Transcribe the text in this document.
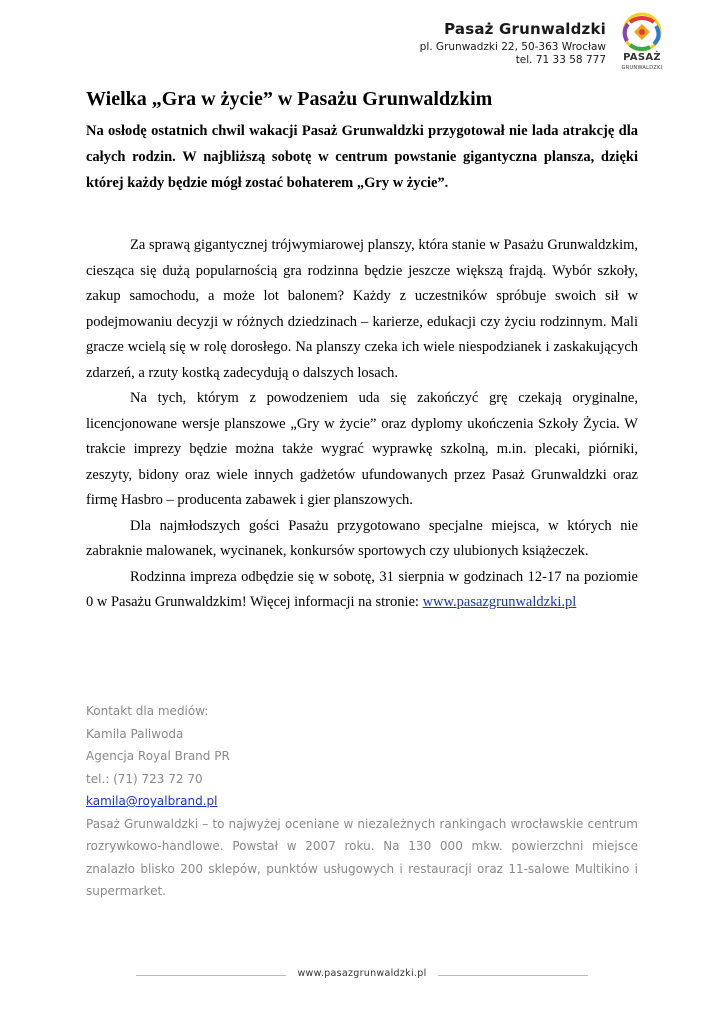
Pasaż Grunwaldzki
pl. Grunwadzki 22, 50-363 Wrocław
tel. 71 33 58 777	PASAŻ
GRUNWALDZKI
Wielka „Gra w życie” w Pasażu Grunwaldzkim

Na osłodę ostatnich chwil wakacji Pasaż Grunwaldzki przygotował nie lada atrakcję dla całych rodzin. W najbliższą sobotę w centrum powstanie gigantyczna plansza, dzięki której każdy będzie mógł zostać bohaterem „Gry w życie”.

Za sprawą gigantycznej trójwymiarowej planszy, która stanie w Pasażu Grunwaldzkim, ciesząca się dużą popularnością gra rodzinna będzie jeszcze większą frajdą. Wybór szkoły, zakup samochodu, a może lot balonem? Każdy z uczestników spróbuje swoich sił w podejmowaniu decyzji w różnych dziedzinach – karierze, edukacji czy życiu rodzinnym. Mali gracze wcielą się w rolę dorosłego. Na planszy czeka ich wiele niespodzianek i zaskakujących zdarzeń, a rzuty kostką zadecydują o dalszych losach.

Na tych, którym z powodzeniem uda się zakończyć grę czekają oryginalne, licencjonowane wersje planszowe „Gry w życie” oraz dyplomy ukończenia Szkoły Życia. W trakcie imprezy będzie można także wygrać wyprawkę szkolną, m.in. plecaki, piórniki, zeszyty, bidony oraz wiele innych gadżetów ufundowanych przez Pasaż Grunwaldzki oraz firmę Hasbro – producenta zabawek i gier planszowych.

Dla najmłodszych gości Pasażu przygotowano specjalne miejsca, w których nie zabraknie malowanek, wycinanek, konkursów sportowych czy ulubionych książeczek.

Rodzinna impreza odbędzie się w sobotę, 31 sierpnia w godzinach 12-17 na poziomie 0 w Pasażu Grunwaldzkim! Więcej informacji na stronie: www.pasazgrunwaldzki.pl

Kontakt dla mediów:
Kamila Paliwoda
Agencja Royal Brand PR
tel.: (71) 723 72 70
kamila@royalbrand.pl
Pasaż Grunwaldzki – to najwyżej oceniane w niezależnych rankingach wrocławskie centrum rozrywkowo-handlowe. Powstał w 2007 roku. Na 130 000 mkw. powierzchni miejsce znalazło blisko 200 sklepów, punktów usługowych i restauracji oraz 11-salowe Multikino i supermarket.
www.pasazgrunwaldzki.pl
